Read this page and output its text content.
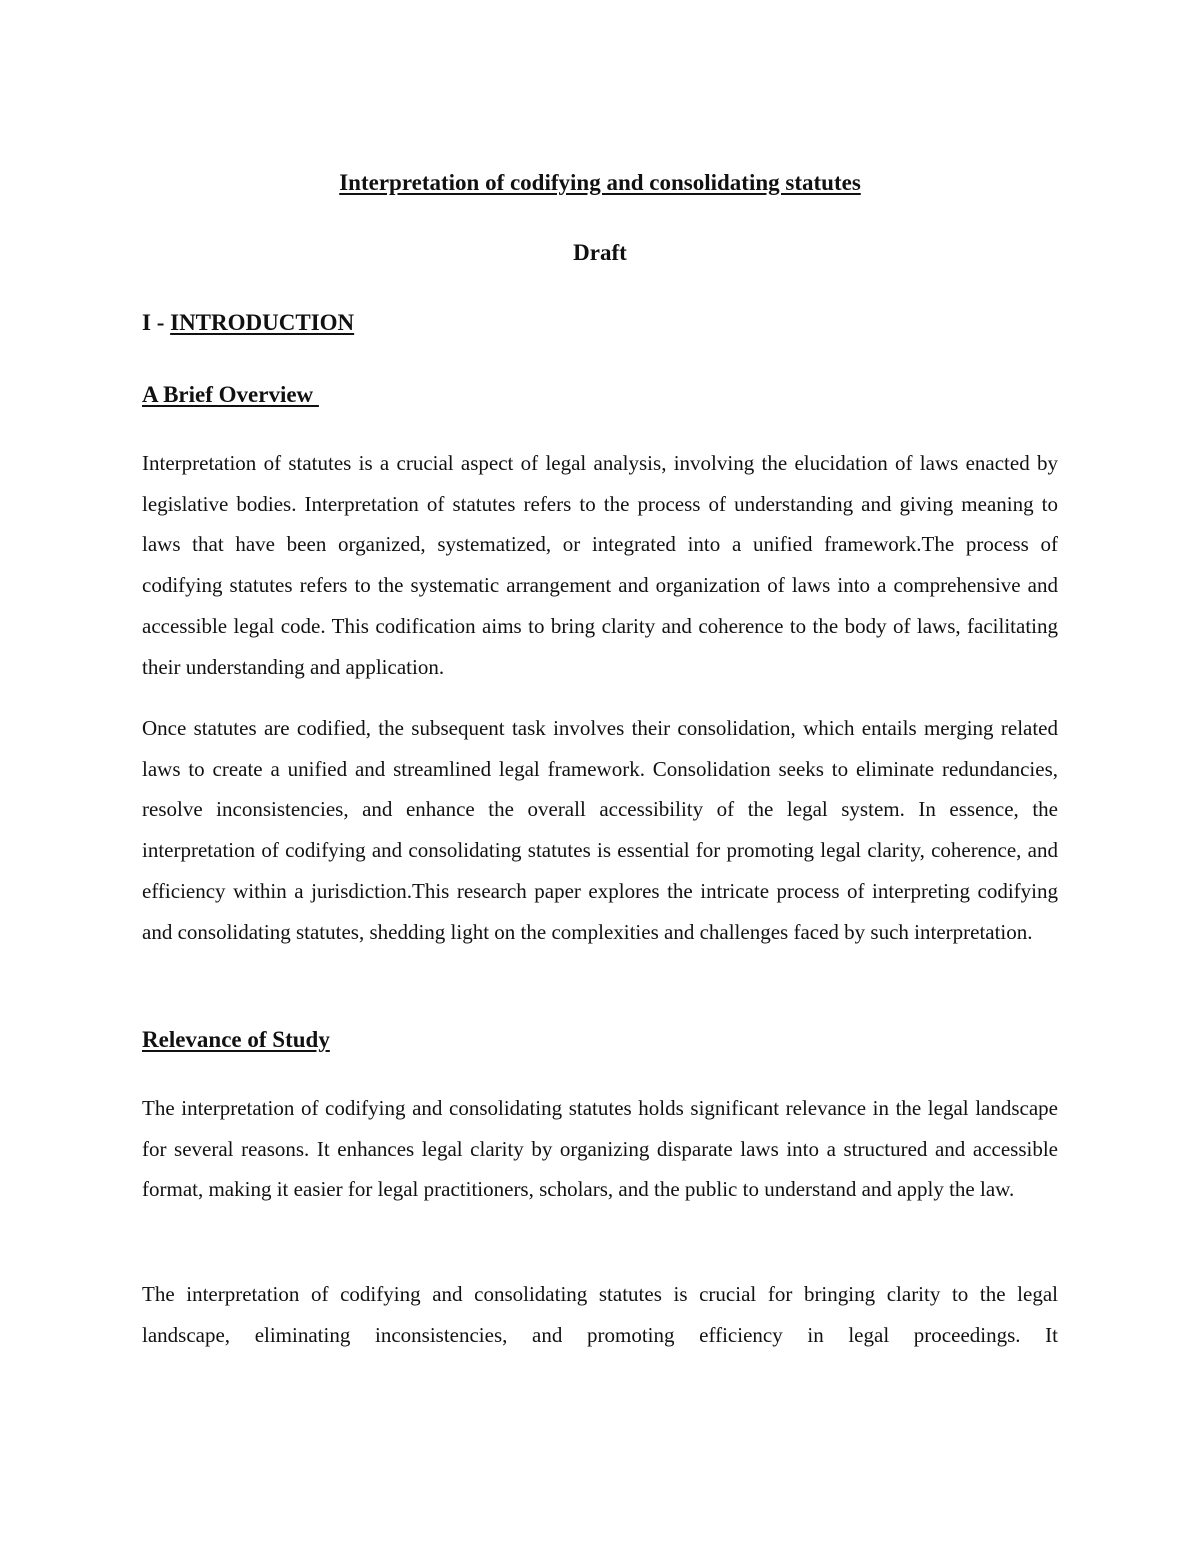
Interpretation of codifying and consolidating statutes
Draft
I - INTRODUCTION
A Brief Overview

Interpretation of statutes is a crucial aspect of legal analysis, involving the elucidation of laws enacted by legislative bodies. Interpretation of statutes refers to the process of understanding and giving meaning to laws that have been organized, systematized, or integrated into a unified framework.The process of codifying statutes refers to the systematic arrangement and organization of laws into a comprehensive and accessible legal code. This codification aims to bring clarity and coherence to the body of laws, facilitating their understanding and application.

Once statutes are codified, the subsequent task involves their consolidation, which entails merging related laws to create a unified and streamlined legal framework. Consolidation seeks to eliminate redundancies, resolve inconsistencies, and enhance the overall accessibility of the legal system. In essence, the interpretation of codifying and consolidating statutes is essential for promoting legal clarity, coherence, and efficiency within a jurisdiction.This research paper explores the intricate process of interpreting codifying and consolidating statutes, shedding light on the complexities and challenges faced by such interpretation.

Relevance of Study

The interpretation of codifying and consolidating statutes holds significant relevance in the legal landscape for several reasons. It enhances legal clarity by organizing disparate laws into a structured and accessible format, making it easier for legal practitioners, scholars, and the public to understand and apply the law.

The interpretation of codifying and consolidating statutes is crucial for bringing clarity to the legal landscape, eliminating inconsistencies, and promoting efficiency in legal proceedings. It
